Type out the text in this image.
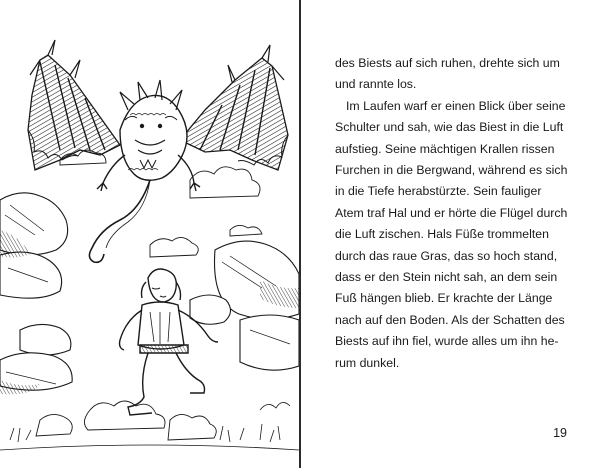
des Biests auf sich ruhen, drehte sich um
und rannte los.
Im Laufen warf er einen Blick über seine
Schulter und sah, wie das Biest in die Luft
aufstieg. Seine mächtigen Krallen rissen
Furchen in die Bergwand, während es sich
in die Tiefe herabstürzte. Sein fauliger
Atem traf Hal und er hörte die Flügel durch
die Luft zischen. Hals Füße trommelten
durch das raue Gras, das so hoch stand,
dass er den Stein nicht sah, an dem sein
Fuß hängen blieb. Er krachte der Länge
nach auf den Boden. Als der Schatten des
Biests auf ihn fiel, wurde alles um ihn he-
rum dunkel.
19
